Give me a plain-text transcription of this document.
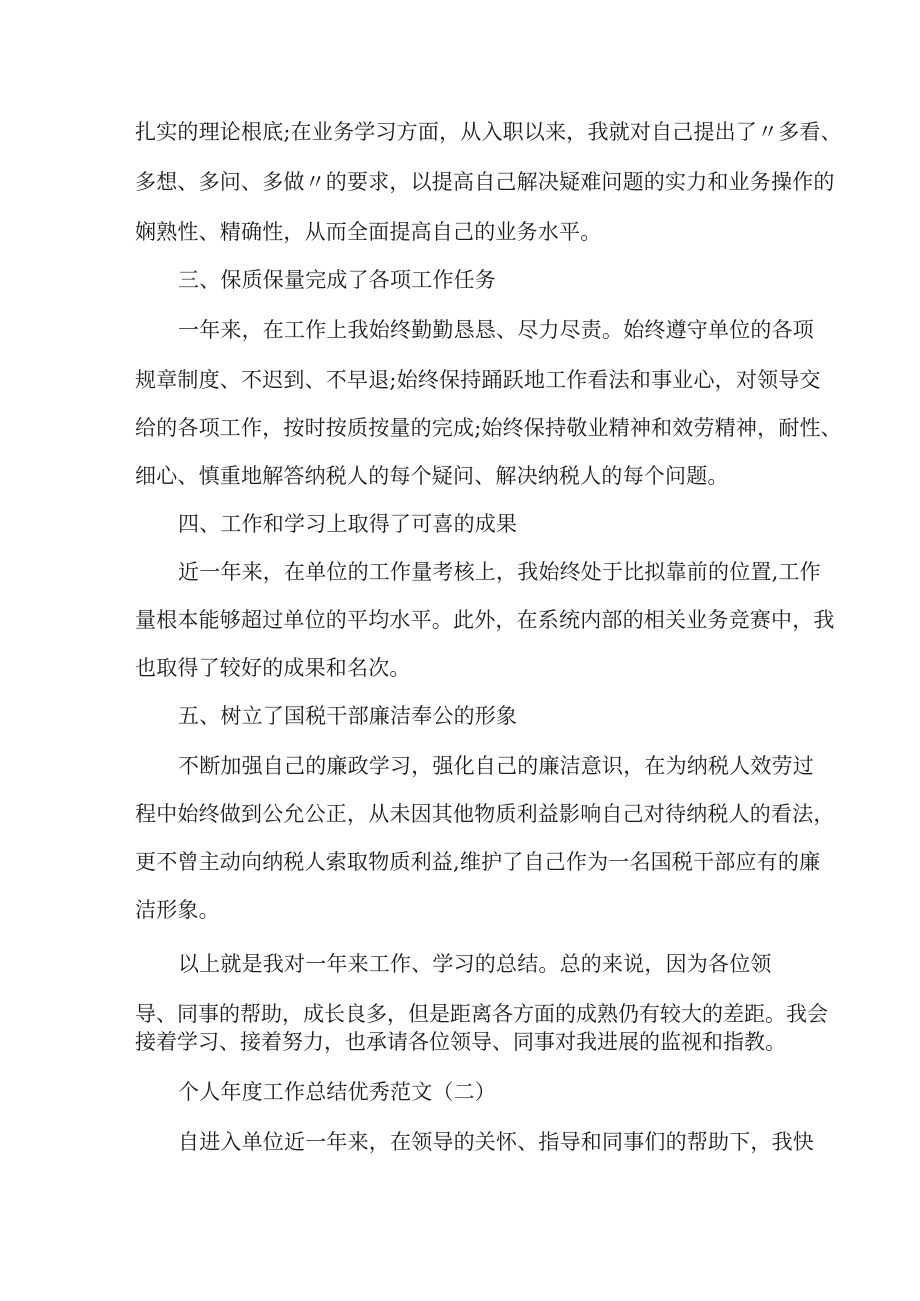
扎实的理论根底;在业务学习方面，从入职以来，我就对自己提出了〃多看、
多想、多问、多做〃的要求，以提高自己解决疑难问题的实力和业务操作的
娴熟性、精确性，从而全面提高自己的业务水平。
三、保质保量完成了各项工作任务
一年来，在工作上我始终勤勤恳恳、尽力尽责。始终遵守单位的各项
规章制度、不迟到、不早退;始终保持踊跃地工作看法和事业心，对领导交
给的各项工作，按时按质按量的完成;始终保持敬业精神和效劳精神，耐性、
细心、慎重地解答纳税人的每个疑问、解决纳税人的每个问题。
四、工作和学习上取得了可喜的成果
近一年来，在单位的工作量考核上，我始终处于比拟靠前的位置,工作
量根本能够超过单位的平均水平。此外，在系统内部的相关业务竞赛中，我
也取得了较好的成果和名次。
五、树立了国税干部廉洁奉公的形象
不断加强自己的廉政学习，强化自己的廉洁意识，在为纳税人效劳过
程中始终做到公允公正，从未因其他物质利益影响自己对待纳税人的看法，
更不曾主动向纳税人索取物质利益,维护了自己作为一名国税干部应有的廉
洁形象。
以上就是我对一年来工作、学习的总结。总的来说，因为各位领
导、同事的帮助，成长良多，但是距离各方面的成熟仍有较大的差距。我会
接着学习、接着努力，也承请各位领导、同事对我进展的监视和指教。
个人年度工作总结优秀范文（二）
自进入单位近一年来，在领导的关怀、指导和同事们的帮助下，我快
